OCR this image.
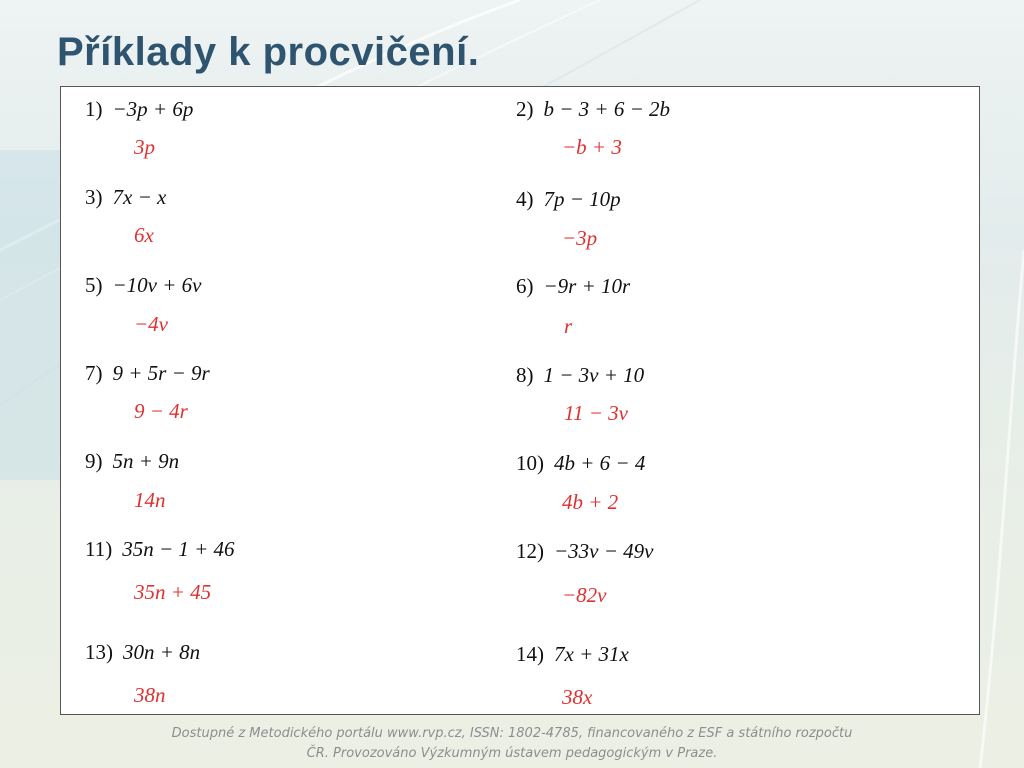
Příklady k procvičení.
1) −3p + 6p
3p
2) b − 3 + 6 − 2b
−b + 3
3) 7x − x
6x
4) 7p − 10p
−3p
5) −10v + 6v
−4v
6) −9r + 10r
r
7) 9 + 5r − 9r
9 − 4r
8) 1 − 3v + 10
11 − 3v
9) 5n + 9n
14n
10) 4b + 6 − 4
4b + 2
11) 35n − 1 + 46
35n + 45
12) −33v − 49v
−82v
13) 30n + 8n
38n
14) 7x + 31x
38x
Dostupné z Metodického portálu www.rvp.cz, ISSN: 1802-4785, financovaného z ESF a státního rozpočtu
ČR. Provozováno Výzkumným ústavem pedagogickým v Praze.
